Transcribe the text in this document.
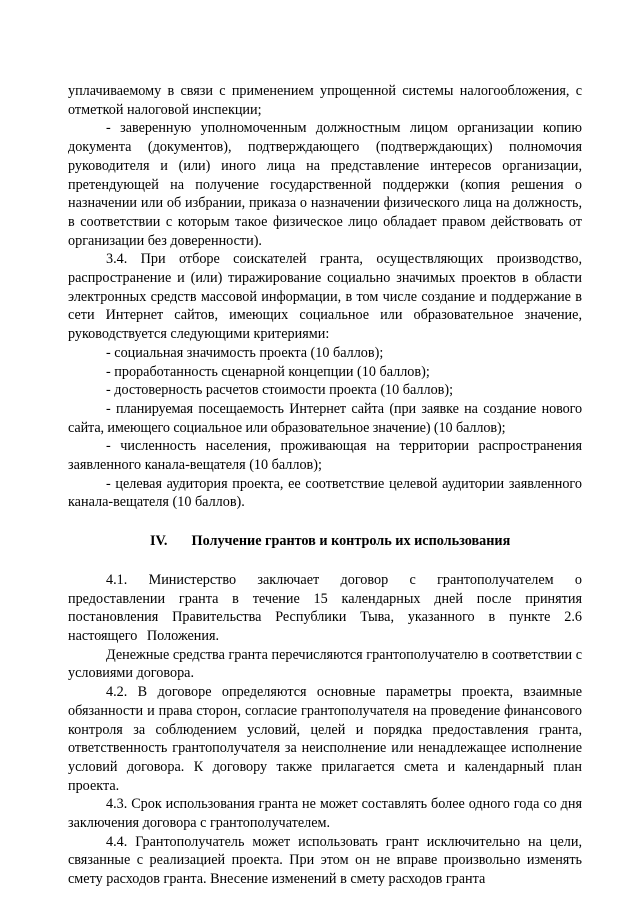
уплачиваемому в связи с применением упрощенной системы налогообложения, с отметкой налоговой инспекции;

- заверенную уполномоченным должностным лицом организации копию документа (документов), подтверждающего (подтверждающих) полномочия руководителя и (или) иного лица на представление интересов организации, претендующей на получение государственной поддержки (копия решения о назначении или об избрании, приказа о назначении физического лица на должность, в соответствии с которым такое физическое лицо обладает правом действовать от организации без доверенности).

3.4. При отборе соискателей гранта, осуществляющих производство, распространение и (или) тиражирование социально значимых проектов в области электронных средств массовой информации, в том числе создание и поддержание в сети Интернет сайтов, имеющих социальное или образовательное значение, руководствуется следующими критериями:

- социальная значимость проекта (10 баллов);

- проработанность сценарной концепции (10 баллов);

- достоверность расчетов стоимости проекта (10 баллов);

- планируемая посещаемость Интернет сайта (при заявке на создание нового сайта, имеющего социальное или образовательное значение) (10 баллов);

- численность населения, проживающая на территории распространения заявленного канала-вещателя (10 баллов);

- целевая аудитория проекта, ее соответствие целевой аудитории заявленного канала-вещателя (10 баллов).

IV. Получение грантов и контроль их использования

4.1. Министерство заключает договор с грантополучателем о предоставлении гранта в течение 15 календарных дней после принятия постановления Правительства Республики Тыва, указанного в пункте 2.6 настоящего Положения.

Денежные средства гранта перечисляются грантополучателю в соответствии с условиями договора.

4.2. В договоре определяются основные параметры проекта, взаимные обязанности и права сторон, согласие грантополучателя на проведение финансового контроля за соблюдением условий, целей и порядка предоставления гранта, ответственность грантополучателя за неисполнение или ненадлежащее исполнение условий договора. К договору также прилагается смета и календарный план проекта.

4.3. Срок использования гранта не может составлять более одного года со дня заключения договора с грантополучателем.

4.4. Грантополучатель может использовать грант исключительно на цели, связанные с реализацией проекта. При этом он не вправе произвольно изменять смету расходов гранта. Внесение изменений в смету расходов гранта
